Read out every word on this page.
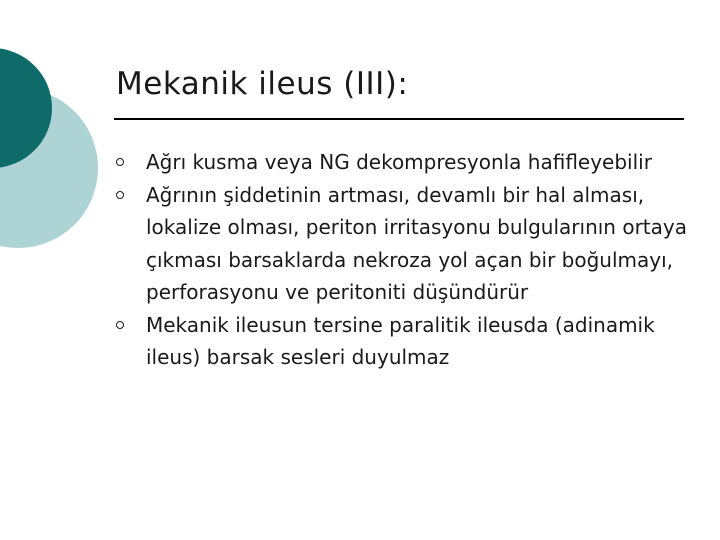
Mekanik ileus (III):
Ağrı kusma veya NG dekompresyonla hafifleyebilir
Ağrının şiddetinin artması, devamlı bir hal alması, lokalize olması, periton irritasyonu bulgularının ortaya çıkması barsaklarda nekroza yol açan bir boğulmayı, perforasyonu ve peritoniti düşündürür
Mekanik ileusun tersine paralitik ileusda (adinamik ileus) barsak sesleri duyulmaz
